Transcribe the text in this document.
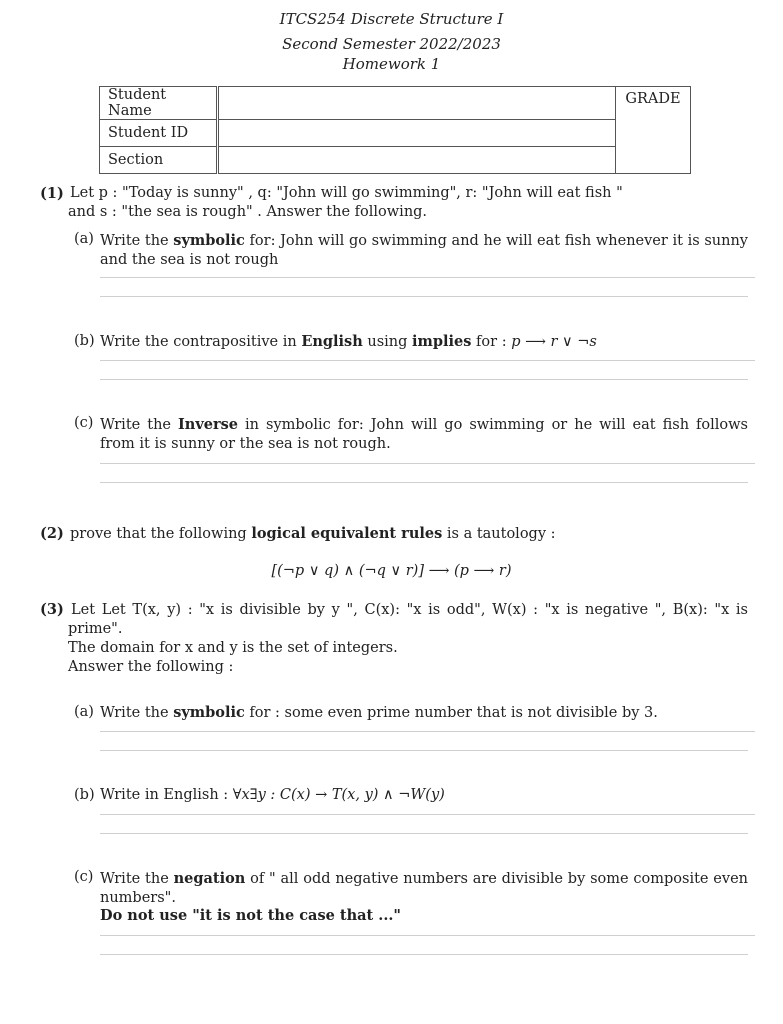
ITCS254 Discrete Structure I
Second Semester 2022/2023
Homework 1
Student Name		GRADE
Student ID		
Section		
(1) Let p : "Today is sunny" , q: "John will go swimming", r: "John will eat fish "
and s : "the sea is rough" . Answer the following.
(a) Write the symbolic for: John will go swimming and he will eat fish whenever it is sunny and the sea is not rough
(b) Write the contrapositive in English using implies for : p ⟶ r ∨ ¬s
(c) Write the Inverse in symbolic for: John will go swimming or he will eat fish follows from it is sunny or the sea is not rough.
(2) prove that the following logical equivalent rules is a tautology :
[(¬p ∨ q) ∧ (¬q ∨ r)] ⟶ (p ⟶ r)
(3) Let Let T(x, y) : "x is divisible by y ", C(x): "x is odd", W(x) : "x is negative ", B(x): "x is prime".
The domain for x and y is the set of integers.
Answer the following :
(a) Write the symbolic for : some even prime number that is not divisible by 3.
(b) Write in English : ∀x∃y : C(x) → T(x, y) ∧ ¬W(y)
(c) Write the negation of " all odd negative numbers are divisible by some composite even numbers".
Do not use "it is not the case that ..."
